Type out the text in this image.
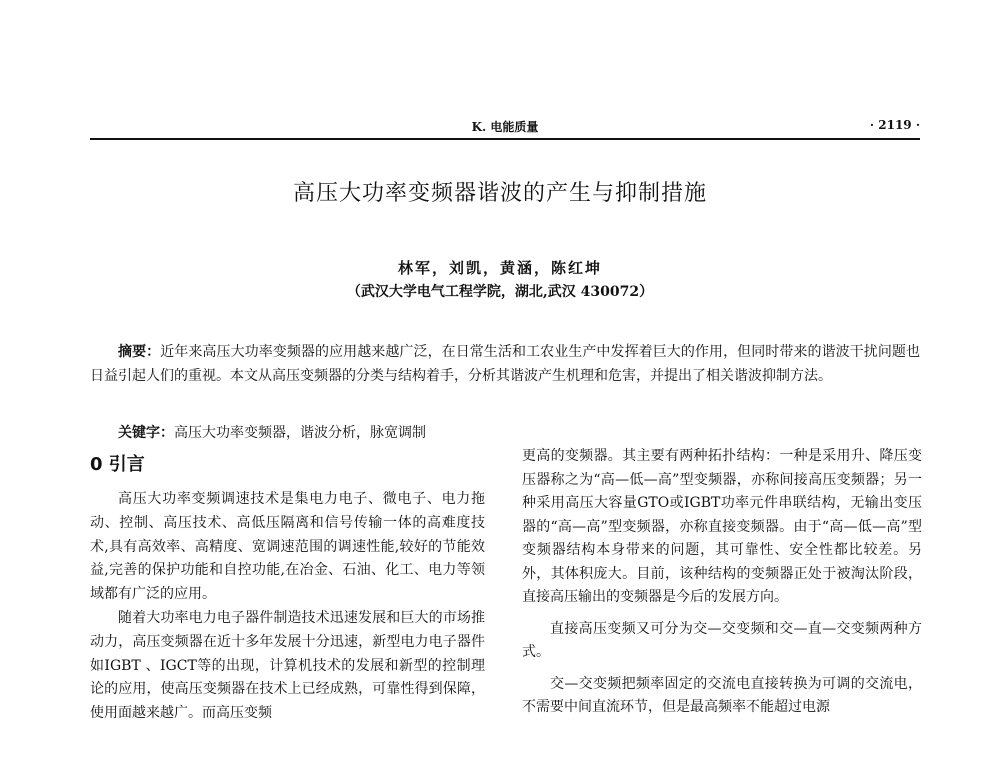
K. 电能质量	· 2119 ·
高压大功率变频器谐波的产生与抑制措施
林军，刘凯，黄涵，陈红坤
（武汉大学电气工程学院，湖北,武汉 430072）

摘要：近年来高压大功率变频器的应用越来越广泛，在日常生活和工农业生产中发挥着巨大的作用，但同时带来的谐波干扰问题也日益引起人们的重视。本文从高压变频器的分类与结构着手，分析其谐波产生机理和危害，并提出了相关谐波抑制方法。

关键字：高压大功率变频器，谐波分析，脉宽调制

0 引言

高压大功率变频调速技术是集电力电子、微电子、电力拖动、控制、高压技术、高低压隔离和信号传输一体的高难度技术,具有高效率、高精度、宽调速范围的调速性能,较好的节能效益,完善的保护功能和自控功能,在冶金、石油、化工、电力等领域都有广泛的应用。

随着大功率电力电子器件制造技术迅速发展和巨大的市场推动力，高压变频器在近十多年发展十分迅速，新型电力电子器件如IGBT 、IGCT等的出现，计算机技术的发展和新型的控制理论的应用，使高压变频器在技术上已经成熟，可靠性得到保障，使用面越来越广。而高压变频

更高的变频器。其主要有两种拓扑结构：一种是采用升、降压变压器称之为“高—低—高”型变频器，亦称间接高压变频器；另一种采用高压大容量GTO或IGBT功率元件串联结构，无输出变压器的“高—高”型变频器，亦称直接变频器。由于“高—低—高”型变频器结构本身带来的问题，其可靠性、安全性都比较差。另外，其体积庞大。目前，该种结构的变频器正处于被淘汰阶段，直接高压输出的变频器是今后的发展方向。

直接高压变频又可分为交—交变频和交—直—交变频两种方式。

交—交变频把频率固定的交流电直接转换为可调的交流电，不需要中间直流环节，但是最高频率不能超过电源
